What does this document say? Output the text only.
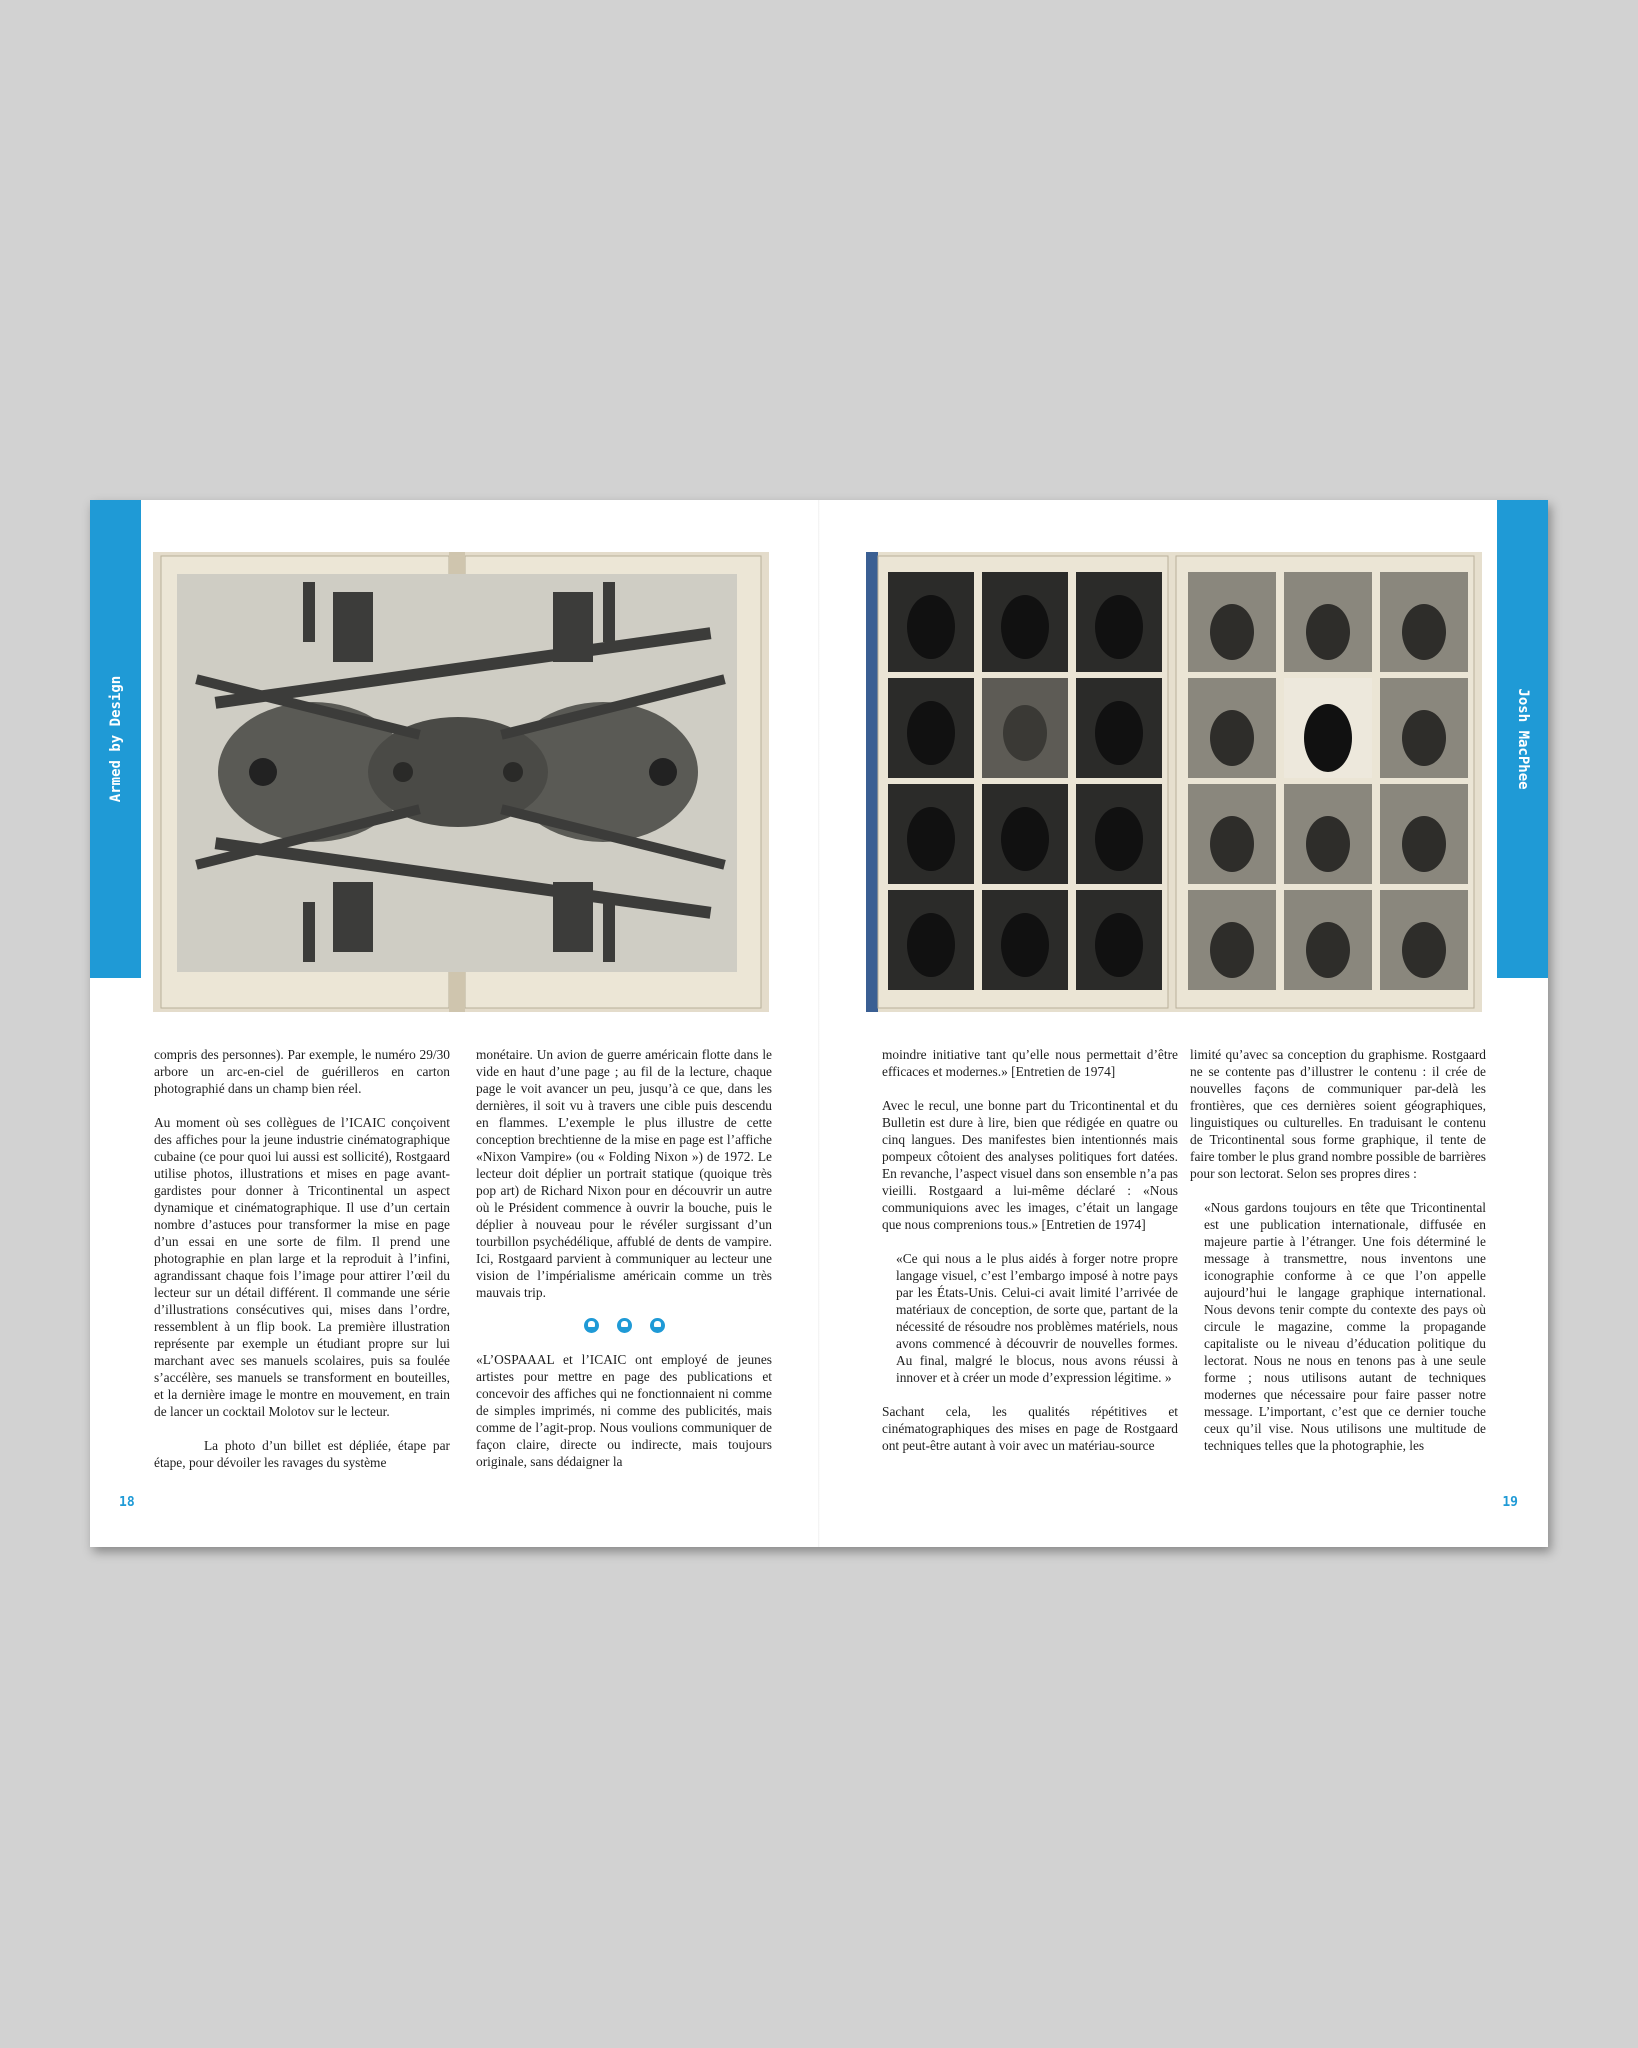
Armed by Design	Josh MacPhee

compris des personnes). Par exemple, le numéro 29/30 arbore un arc-en-ciel de guérilleros en carton photographié dans un champ bien réel.

Au moment où ses collègues de l’ICAIC conçoivent des affiches pour la jeune industrie cinématographique cubaine (ce pour quoi lui aussi est sollicité), Rostgaard utilise photos, illustrations et mises en page avant-gardistes pour donner à Tricontinental un aspect dynamique et cinématographique. Il use d’un certain nombre d’astuces pour transformer la mise en page d’un essai en une sorte de film. Il prend une photographie en plan large et la reproduit à l’infini, agrandissant chaque fois l’image pour attirer l’œil du lecteur sur un détail différent. Il commande une série d’illustrations consécutives qui, mises dans l’ordre, ressemblent à un flip book. La première illustration représente par exemple un étudiant propre sur lui marchant avec ses manuels scolaires, puis sa foulée s’accélère, ses manuels se transforment en bouteilles, et la dernière image le montre en mouvement, en train de lancer un cocktail Molotov sur le lecteur.

La photo d’un billet est dépliée, étape par étape, pour dévoiler les ravages du système

monétaire. Un avion de guerre américain flotte dans le vide en haut d’une page ; au fil de la lecture, chaque page le voit avancer un peu, jusqu’à ce que, dans les dernières, il soit vu à travers une cible puis descendu en flammes. L’exemple le plus illustre de cette conception brechtienne de la mise en page est l’affiche «Nixon Vampire» (ou « Folding Nixon ») de 1972. Le lecteur doit déplier un portrait statique (quoique très pop art) de Richard Nixon pour en découvrir un autre où le Président commence à ouvrir la bouche, puis le déplier à nouveau pour le révéler surgissant d’un tourbillon psychédélique, affublé de dents de vampire. Ici, Rostgaard parvient à communiquer au lecteur une vision de l’impérialisme américain comme un très mauvais trip.

«L’OSPAAAL et l’ICAIC ont employé de jeunes artistes pour mettre en page des publications et concevoir des affiches qui ne fonctionnaient ni comme de simples imprimés, ni comme des publicités, mais comme de l’agit-prop. Nous voulions communiquer de façon claire, directe ou indirecte, mais toujours originale, sans dédaigner la

moindre initiative tant qu’elle nous permettait d’être efficaces et modernes.» [Entretien de 1974]

Avec le recul, une bonne part du Tricontinental et du Bulletin est dure à lire, bien que rédigée en quatre ou cinq langues. Des manifestes bien intentionnés mais pompeux côtoient des analyses politiques fort datées. En revanche, l’aspect visuel dans son ensemble n’a pas vieilli. Rostgaard a lui-même déclaré : «Nous communiquions avec les images, c’était un langage que nous comprenions tous.» [Entretien de 1974]

«Ce qui nous a le plus aidés à forger notre propre langage visuel, c’est l’embargo imposé à notre pays par les États-Unis. Celui-ci avait limité l’arrivée de matériaux de conception, de sorte que, partant de la nécessité de résoudre nos problèmes matériels, nous avons commencé à découvrir de nouvelles formes. Au final, malgré le blocus, nous avons réussi à innover et à créer un mode d’expression légitime. »

Sachant cela, les qualités répétitives et cinématographiques des mises en page de Rostgaard ont peut-être autant à voir avec un matériau-source

limité qu’avec sa conception du graphisme. Rostgaard ne se contente pas d’illustrer le contenu : il crée de nouvelles façons de communiquer par-delà les frontières, que ces dernières soient géographiques, linguistiques ou culturelles. En traduisant le contenu de Tricontinental sous forme graphique, il tente de faire tomber le plus grand nombre possible de barrières pour son lectorat. Selon ses propres dires :

«Nous gardons toujours en tête que Tricontinental est une publication internationale, diffusée en majeure partie à l’étranger. Une fois déterminé le message à transmettre, nous inventons une iconographie conforme à ce que l’on appelle aujourd’hui le langage graphique international. Nous devons tenir compte du contexte des pays où circule le magazine, comme la propagande capitaliste ou le niveau d’éducation politique du lectorat. Nous ne nous en tenons pas à une seule forme ; nous utilisons autant de techniques modernes que nécessaire pour faire passer notre message. L’important, c’est que ce dernier touche ceux qu’il vise. Nous utilisons une multitude de techniques telles que la photographie, les

18	19
